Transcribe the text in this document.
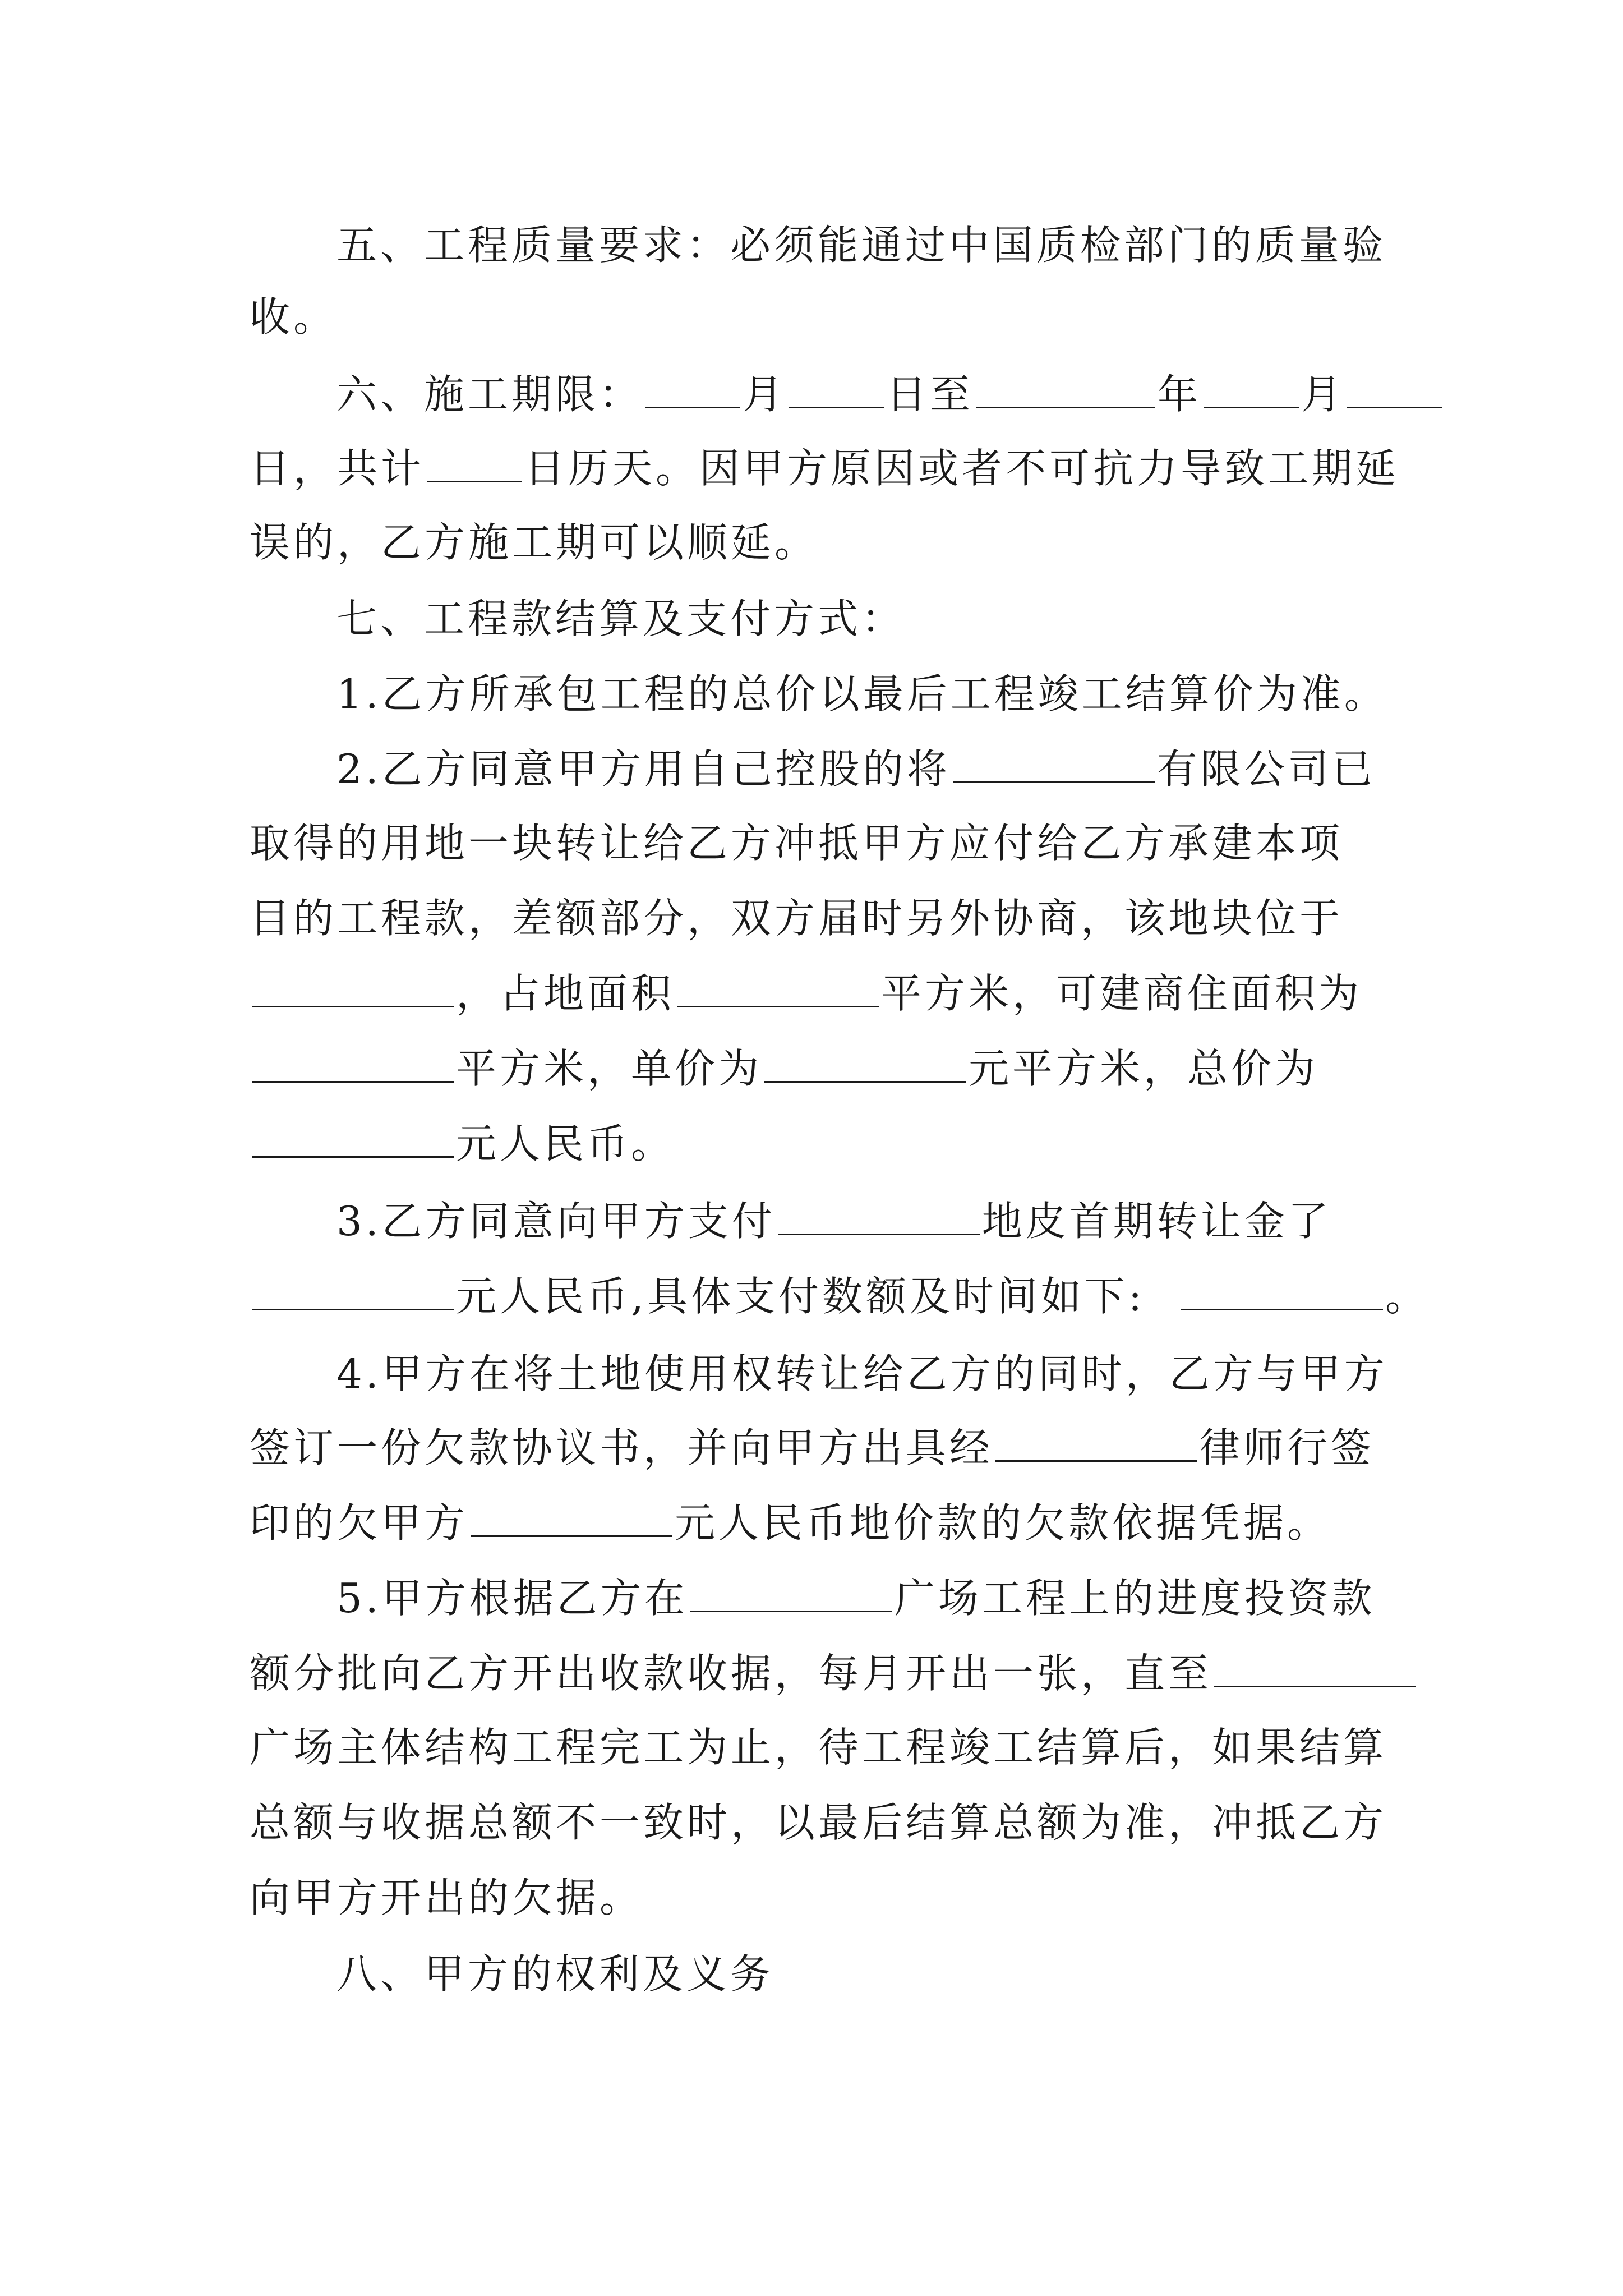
五、工程质量要求：必须能通过中国质检部门的质量验
收。
六、施工期限： 月 日至	年 月
日，共计 日历天。因甲方原因或者不可抗力导致工期延
误的，乙方施工期可以顺延。
七、工程款结算及支付方式：
1.乙方所承包工程的总价以最后工程竣工结算价为准。
2.乙方同意甲方用自己控股的将	有限公司已
取得的用地一块转让给乙方冲抵甲方应付给乙方承建本项
目的工程款，差额部分，双方届时另外协商，该地块位于
，占地面积	平方米，可建商住面积为
平方米，单价为	元平方米，总价为
元人民币。
3.乙方同意向甲方支付	地皮首期转让金了
元人民币,具体支付数额及时间如下:	。
4.甲方在将土地使用权转让给乙方的同时，乙方与甲方
签订一份欠款协议书，并向甲方出具经	律师行签
印的欠甲方	元人民币地价款的欠款依据凭据。
5.甲方根据乙方在	广场工程上的进度投资款
额分批向乙方开出收款收据，每月开出一张，直至
广场主体结构工程完工为止，待工程竣工结算后，如果结算
总额与收据总额不一致时，以最后结算总额为准，冲抵乙方
向甲方开出的欠据。
八、甲方的权利及义务
